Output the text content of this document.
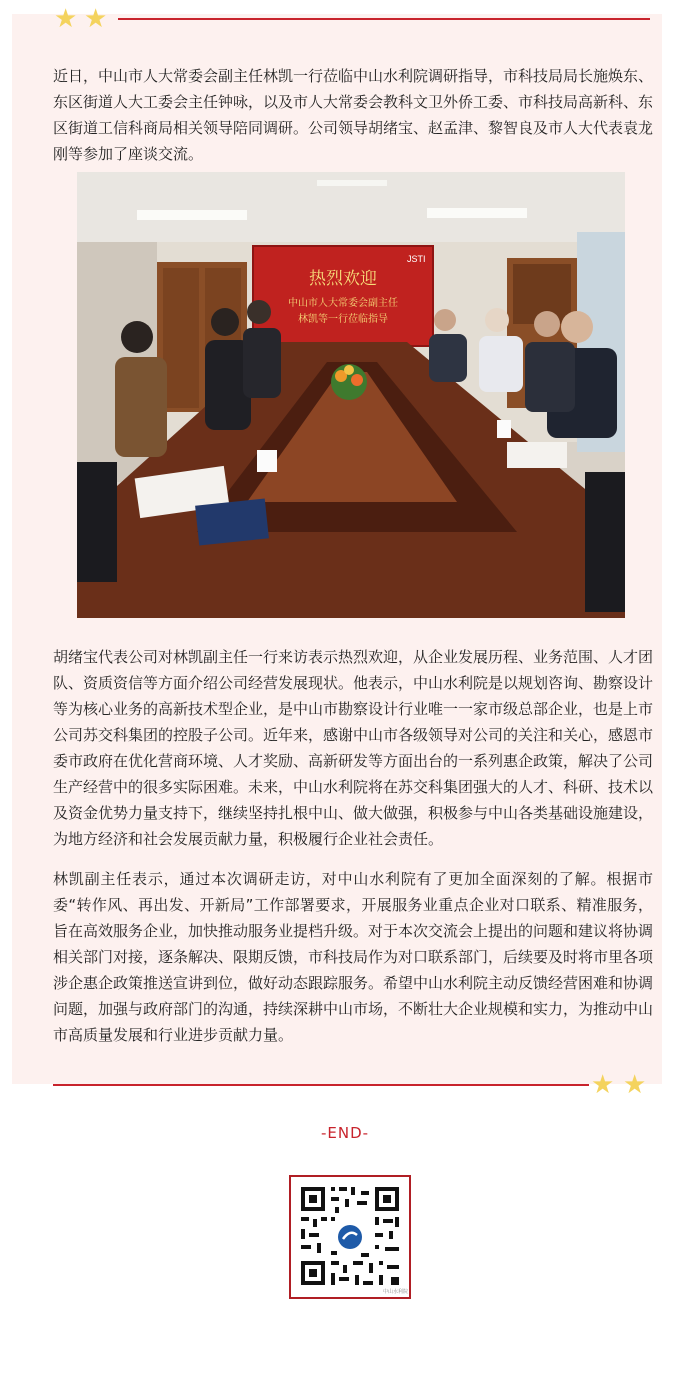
★ ★

近日，中山市人大常委会副主任林凯一行莅临中山水利院调研指导，市科技局局长施焕东、东区街道人大工委会主任钟咏，以及市人大常委会教科文卫外侨工委、市科技局高新科、东区街道工信科商局相关领导陪同调研。公司领导胡绪宝、赵孟津、黎智良及市人大代表袁龙刚等参加了座谈交流。

JSTI
热烈欢迎
中山市人大常委会副主任
林凯等一行莅临指导

胡绪宝代表公司对林凯副主任一行来访表示热烈欢迎，从企业发展历程、业务范围、人才团队、资质资信等方面介绍公司经营发展现状。他表示，中山水利院是以规划咨询、勘察设计等为核心业务的高新技术型企业，是中山市勘察设计行业唯一一家市级总部企业，也是上市公司苏交科集团的控股子公司。近年来，感谢中山市各级领导对公司的关注和关心，感恩市委市政府在优化营商环境、人才奖励、高新研发等方面出台的一系列惠企政策，解决了公司生产经营中的很多实际困难。未来，中山水利院将在苏交科集团强大的人才、科研、技术以及资金优势力量支持下，继续坚持扎根中山、做大做强，积极参与中山各类基础设施建设，为地方经济和社会发展贡献力量，积极履行企业社会责任。

林凯副主任表示，通过本次调研走访，对中山水利院有了更加全面深刻的了解。根据市委“转作风、再出发、开新局”工作部署要求，开展服务业重点企业对口联系、精准服务，旨在高效服务企业，加快推动服务业提档升级。对于本次交流会上提出的问题和建议将协调相关部门对接，逐条解决、限期反馈，市科技局作为对口联系部门，后续要及时将市里各项涉企惠企政策推送宣讲到位，做好动态跟踪服务。希望中山水利院主动反馈经营困难和协调问题，加强与政府部门的沟通，持续深耕中山市场，不断壮大企业规模和实力，为推动中山市高质量发展和行业进步贡献力量。

★ ★
-END-
中山水利院
